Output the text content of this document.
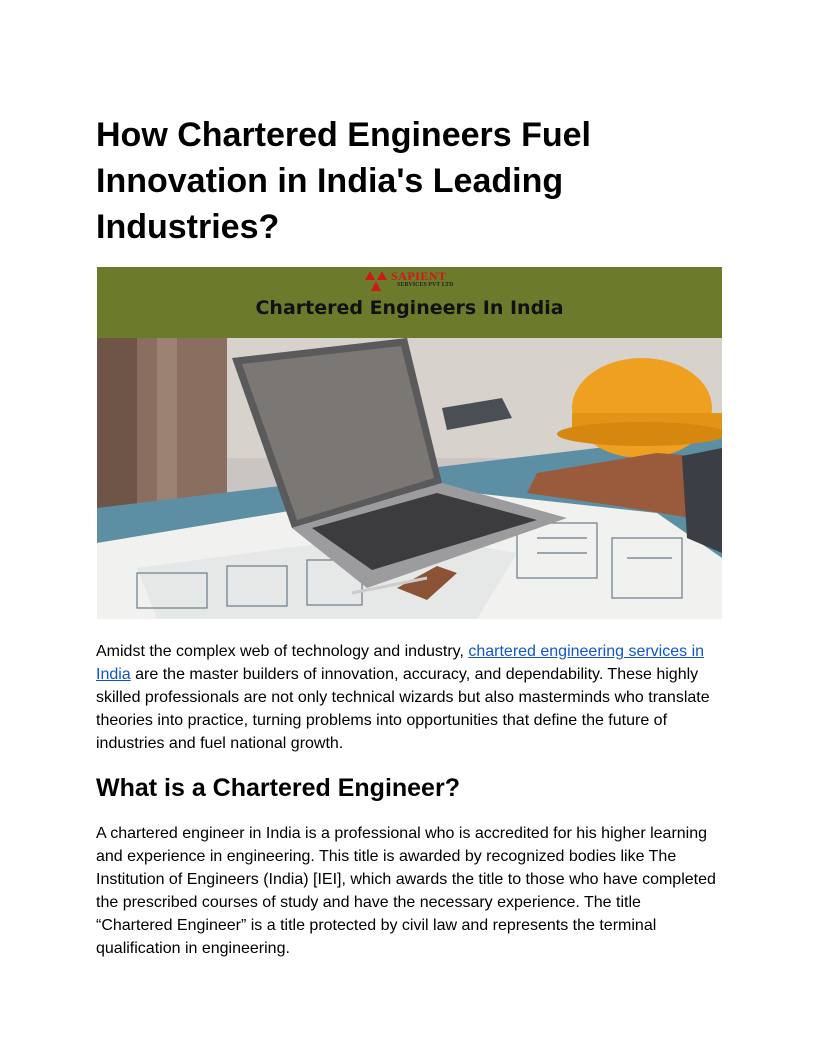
How Chartered Engineers Fuel Innovation in India's Leading Industries?
SAPIENT
SERVICES PVT LTD
Chartered Engineers In India

Amidst the complex web of technology and industry, chartered engineering services in India are the master builders of innovation, accuracy, and dependability. These highly skilled professionals are not only technical wizards but also masterminds who translate theories into practice, turning problems into opportunities that define the future of industries and fuel national growth.

What is a Chartered Engineer?

A chartered engineer in India is a professional who is accredited for his higher learning and experience in engineering. This title is awarded by recognized bodies like The Institution of Engineers (India) [IEI], which awards the title to those who have completed the prescribed courses of study and have the necessary experience. The title “Chartered Engineer” is a title protected by civil law and represents the terminal qualification in engineering.
